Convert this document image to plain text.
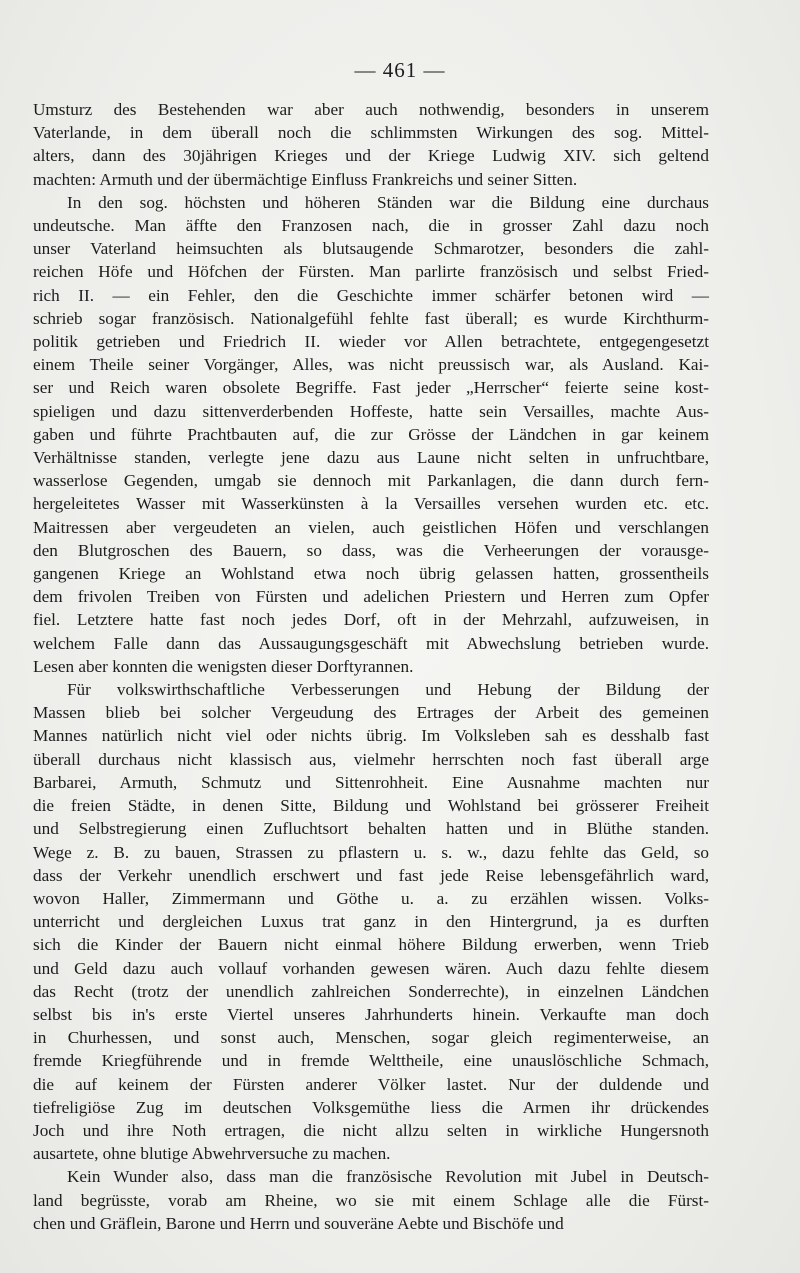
— 461 —

Umsturz des Bestehenden war aber auch nothwendig, besonders in unserem
Vaterlande, in dem überall noch die schlimmsten Wirkungen des sog. Mittel-
alters, dann des 30jährigen Krieges und der Kriege Ludwig XIV. sich geltend
machten: Armuth und der übermächtige Einfluss Frankreichs und seiner Sitten.

In den sog. höchsten und höheren Ständen war die Bildung eine durchaus
undeutsche. Man äffte den Franzosen nach, die in grosser Zahl dazu noch
unser Vaterland heimsuchten als blutsaugende Schmarotzer, besonders die zahl-
reichen Höfe und Höfchen der Fürsten. Man parlirte französisch und selbst Fried-
rich II. — ein Fehler, den die Geschichte immer schärfer betonen wird —
schrieb sogar französisch. Nationalgefühl fehlte fast überall; es wurde Kirchthurm-
politik getrieben und Friedrich II. wieder vor Allen betrachtete, entgegengesetzt
einem Theile seiner Vorgänger, Alles, was nicht preussisch war, als Ausland. Kai-
ser und Reich waren obsolete Begriffe. Fast jeder „Herrscher“ feierte seine kost-
spieligen und dazu sittenverderbenden Hoffeste, hatte sein Versailles, machte Aus-
gaben und führte Prachtbauten auf, die zur Grösse der Ländchen in gar keinem
Verhältnisse standen, verlegte jene dazu aus Laune nicht selten in unfruchtbare,
wasserlose Gegenden, umgab sie dennoch mit Parkanlagen, die dann durch fern-
hergeleitetes Wasser mit Wasserkünsten à la Versailles versehen wurden etc. etc.
Maitressen aber vergeudeten an vielen, auch geistlichen Höfen und verschlangen
den Blutgroschen des Bauern, so dass, was die Verheerungen der vorausge-
gangenen Kriege an Wohlstand etwa noch übrig gelassen hatten, grossentheils
dem frivolen Treiben von Fürsten und adelichen Priestern und Herren zum Opfer
fiel. Letztere hatte fast noch jedes Dorf, oft in der Mehrzahl, aufzuweisen, in
welchem Falle dann das Aussaugungsgeschäft mit Abwechslung betrieben wurde.
Lesen aber konnten die wenigsten dieser Dorftyrannen.

Für volkswirthschaftliche Verbesserungen und Hebung der Bildung der
Massen blieb bei solcher Vergeudung des Ertrages der Arbeit des gemeinen
Mannes natürlich nicht viel oder nichts übrig. Im Volksleben sah es desshalb fast
überall durchaus nicht klassisch aus, vielmehr herrschten noch fast überall arge
Barbarei, Armuth, Schmutz und Sittenrohheit. Eine Ausnahme machten nur
die freien Städte, in denen Sitte, Bildung und Wohlstand bei grösserer Freiheit
und Selbstregierung einen Zufluchtsort behalten hatten und in Blüthe standen.
Wege z. B. zu bauen, Strassen zu pflastern u. s. w., dazu fehlte das Geld, so
dass der Verkehr unendlich erschwert und fast jede Reise lebensgefährlich ward,
wovon Haller, Zimmermann und Göthe u. a. zu erzählen wissen. Volks-
unterricht und dergleichen Luxus trat ganz in den Hintergrund, ja es durften
sich die Kinder der Bauern nicht einmal höhere Bildung erwerben, wenn Trieb
und Geld dazu auch vollauf vorhanden gewesen wären. Auch dazu fehlte diesem
das Recht (trotz der unendlich zahlreichen Sonderrechte), in einzelnen Ländchen
selbst bis in's erste Viertel unseres Jahrhunderts hinein. Verkaufte man doch
in Churhessen, und sonst auch, Menschen, sogar gleich regimenterweise, an
fremde Kriegführende und in fremde Welttheile, eine unauslöschliche Schmach,
die auf keinem der Fürsten anderer Völker lastet. Nur der duldende und
tiefreligiöse Zug im deutschen Volksgemüthe liess die Armen ihr drückendes
Joch und ihre Noth ertragen, die nicht allzu selten in wirkliche Hungersnoth
ausartete, ohne blutige Abwehrversuche zu machen.

Kein Wunder also, dass man die französische Revolution mit Jubel in Deutsch-
land begrüsste, vorab am Rheine, wo sie mit einem Schlage alle die Fürst-
chen und Gräflein, Barone und Herrn und souveräne Aebte und Bischöfe und
